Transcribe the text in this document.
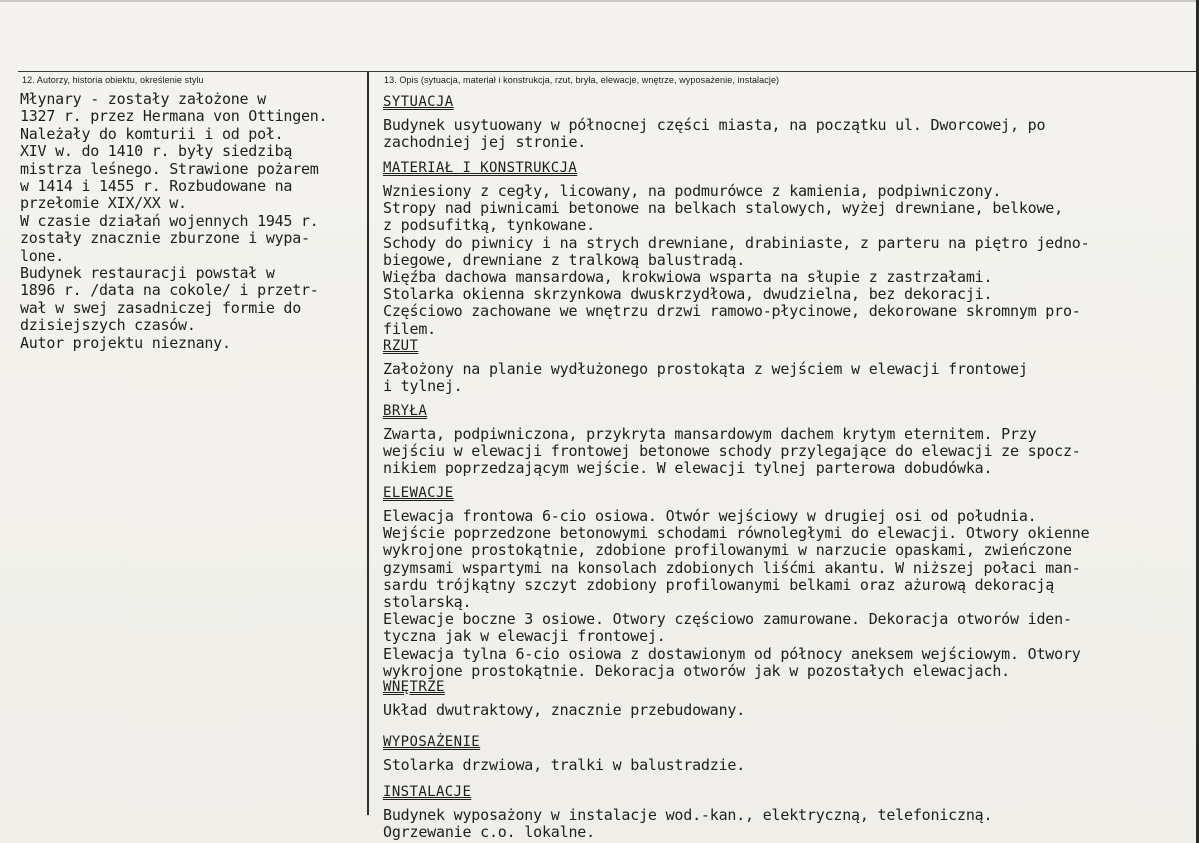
12. Autorzy, historia obiektu, określenie stylu	13. Opis (sytuacja, materiał i konstrukcja, rzut, bryła, elewacje, wnętrze, wyposażenie, instalacje)

Młynary - zostały założone w

1327 r. przez Hermana von Ottingen.

Należały do komturii i od poł.

XIV w. do 1410 r. były siedzibą

mistrza leśnego. Strawione pożarem

w 1414 i 1455 r. Rozbudowane na

przełomie XIX/XX w.

W czasie działań wojennych 1945 r.

zostały znacznie zburzone i wypa-

lone.

Budynek restauracji powstał w

1896 r. /data na cokole/ i przetr-

wał w swej zasadniczej formie do

dzisiejszych czasów.

Autor projektu nieznany.

SYTUACJA
Budynek usytuowany w północnej części miasta, na początku ul. Dworcowej, po
zachodniej jej stronie.
MATERIAŁ I KONSTRUKCJA
Wzniesiony z cegły, licowany, na podmurówce z kamienia, podpiwniczony.
Stropy nad piwnicami betonowe na belkach stalowych, wyżej drewniane, belkowe,
z podsufitką, tynkowane.
Schody do piwnicy i na strych drewniane, drabiniaste, z parteru na piętro jedno-
biegowe, drewniane z tralkową balustradą.
Więźba dachowa mansardowa, krokwiowa wsparta na słupie z zastrzałami.
Stolarka okienna skrzynkowa dwuskrzydłowa, dwudzielna, bez dekoracji.
Częściowo zachowane we wnętrzu drzwi ramowo-płycinowe, dekorowane skromnym pro-
filem.
RZUT
Założony na planie wydłużonego prostokąta z wejściem w elewacji frontowej
i tylnej.
BRYŁA
Zwarta, podpiwniczona, przykryta mansardowym dachem krytym eternitem. Przy
wejściu w elewacji frontowej betonowe schody przylegające do elewacji ze spocz-
nikiem poprzedzającym wejście. W elewacji tylnej parterowa dobudówka.
ELEWACJE
Elewacja frontowa 6-cio osiowa. Otwór wejściowy w drugiej osi od południa.
Wejście poprzedzone betonowymi schodami równoległymi do elewacji. Otwory okienne
wykrojone prostokątnie, zdobione profilowanymi w narzucie opaskami, zwieńczone
gzymsami wspartymi na konsolach zdobionych liśćmi akantu. W niższej połaci man-
sardu trójkątny szczyt zdobiony profilowanymi belkami oraz ażurową dekoracją
stolarską.
Elewacje boczne 3 osiowe. Otwory częściowo zamurowane. Dekoracja otworów iden-
tyczna jak w elewacji frontowej.
Elewacja tylna 6-cio osiowa z dostawionym od północy aneksem wejściowym. Otwory
wykrojone prostokątnie. Dekoracja otworów jak w pozostałych elewacjach.
WNĘTRZE
Układ dwutraktowy, znacznie przebudowany.
WYPOSAŻENIE
Stolarka drzwiowa, tralki w balustradzie.
INSTALACJE
Budynek wyposażony w instalacje wod.-kan., elektryczną, telefoniczną.
Ogrzewanie c.o. lokalne.
